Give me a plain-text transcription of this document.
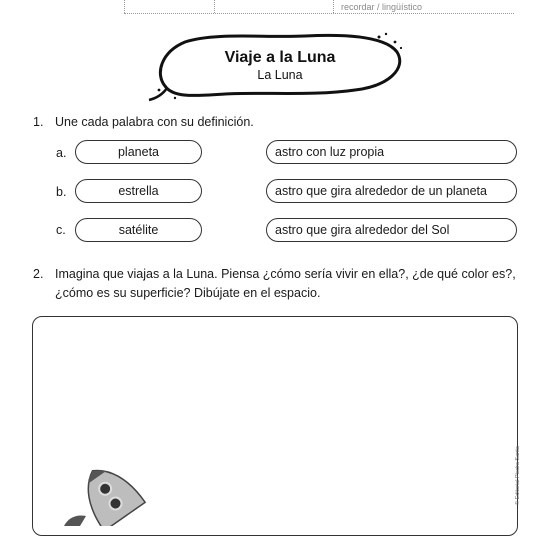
recordar / lingüístico
Viaje a la Luna
La Luna
1. Une cada palabra con su definición.
a.	planeta	astro con luz propia
b.	estrella	astro que gira alrededor de un planeta
c.	satélite	astro que gira alrededor del Sol
2. Imagina que viajas a la Luna. Piensa ¿cómo sería vivir en ella?, ¿de qué color es?,
¿cómo es su superficie? Dibújate en el espacio.
© Editorial Piedra Santa
